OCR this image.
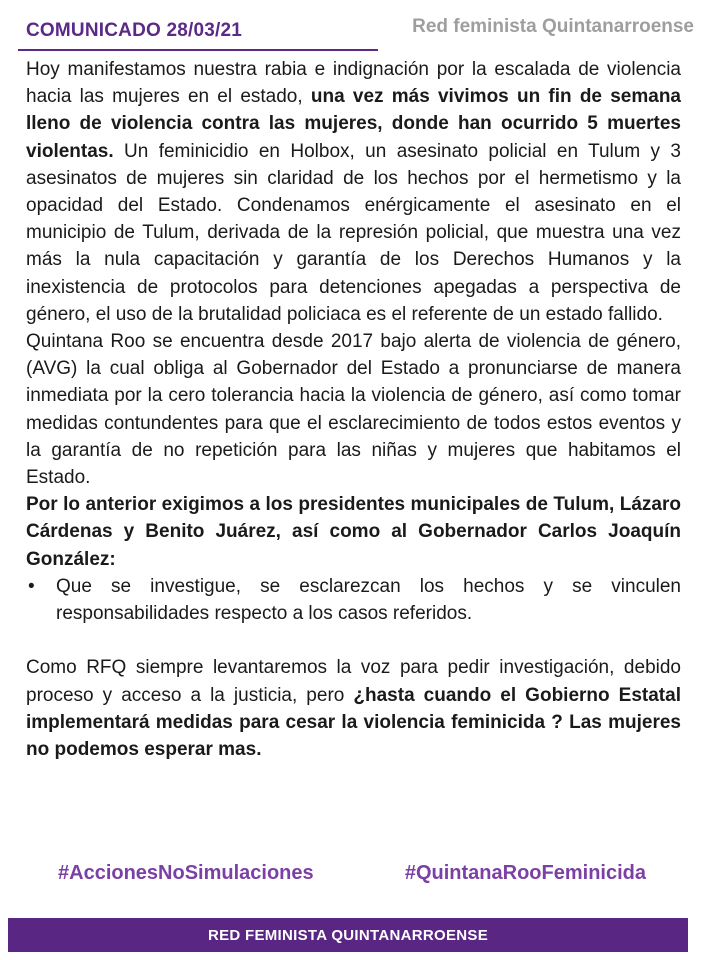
COMUNICADO 28/03/21	Red feminista Quintanarroense

Hoy manifestamos nuestra rabia e indignación por la escalada de violencia hacia las mujeres en el estado, una vez más vivimos un fin de semana lleno de violencia contra las mujeres, donde han ocurrido 5 muertes violentas. Un feminicidio en Holbox, un asesinato policial en Tulum y 3 asesinatos de mujeres sin claridad de los hechos por el hermetismo y la opacidad del Estado. Condenamos enérgicamente el asesinato en el municipio de Tulum, derivada de la represión policial, que muestra una vez más la nula capacitación y garantía de los Derechos Humanos y la inexistencia de protocolos para detenciones apegadas a perspectiva de género, el uso de la brutalidad policiaca es el referente de un estado fallido.

Quintana Roo se encuentra desde 2017 bajo alerta de violencia de género, (AVG) la cual obliga al Gobernador del Estado a pronunciarse de manera inmediata por la cero tolerancia hacia la violencia de género, así como tomar medidas contundentes para que el esclarecimiento de todos estos eventos y la garantía de no repetición para las niñas y mujeres que habitamos el Estado.

Por lo anterior exigimos a los presidentes municipales de Tulum, Lázaro Cárdenas y Benito Juárez, así como al Gobernador Carlos Joaquín González:

• Que se investigue, se esclarezcan los hechos y se vinculen responsabilidades respecto a los casos referidos.

Como RFQ siempre levantaremos la voz para pedir investigación, debido proceso y acceso a la justicia, pero ¿hasta cuando el Gobierno Estatal implementará medidas para cesar la violencia feminicida ? Las mujeres no podemos esperar mas.

#AccionesNoSimulaciones	#QuintanaRooFeminicida
RED FEMINISTA QUINTANARROENSE
